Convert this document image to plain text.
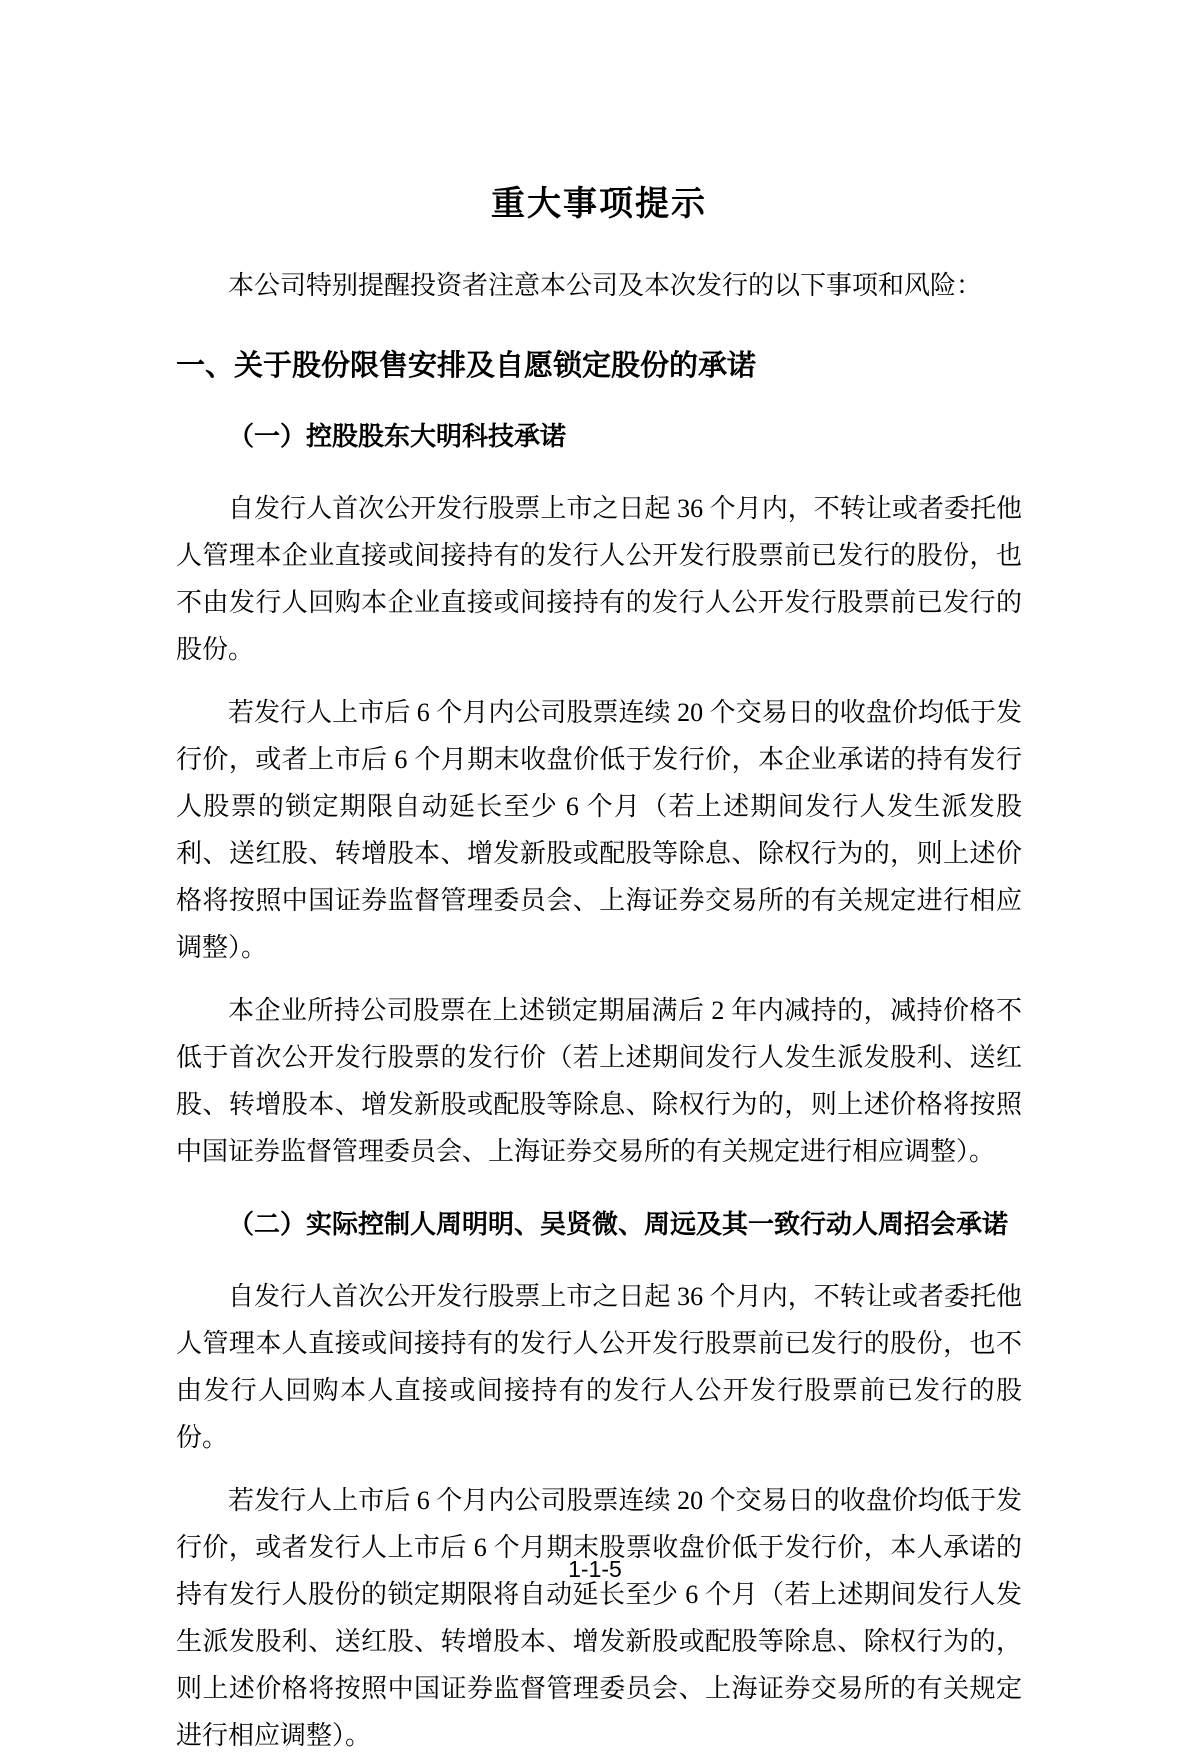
重大事项提示

本公司特别提醒投资者注意本公司及本次发行的以下事项和风险：

一、关于股份限售安排及自愿锁定股份的承诺
（一）控股股东大明科技承诺

自发行人首次公开发行股票上市之日起 36 个月内，不转让或者委托他人管理本企业直接或间接持有的发行人公开发行股票前已发行的股份，也不由发行人回购本企业直接或间接持有的发行人公开发行股票前已发行的股份。

若发行人上市后 6 个月内公司股票连续 20 个交易日的收盘价均低于发行价，或者上市后 6 个月期末收盘价低于发行价，本企业承诺的持有发行人股票的锁定期限自动延长至少 6 个月（若上述期间发行人发生派发股利、送红股、转增股本、增发新股或配股等除息、除权行为的，则上述价格将按照中国证券监督管理委员会、上海证券交易所的有关规定进行相应调整）。

本企业所持公司股票在上述锁定期届满后 2 年内减持的，减持价格不低于首次公开发行股票的发行价（若上述期间发行人发生派发股利、送红股、转增股本、增发新股或配股等除息、除权行为的，则上述价格将按照中国证券监督管理委员会、上海证券交易所的有关规定进行相应调整）。

（二）实际控制人周明明、吴贤微、周远及其一致行动人周招会承诺

自发行人首次公开发行股票上市之日起 36 个月内，不转让或者委托他人管理本人直接或间接持有的发行人公开发行股票前已发行的股份，也不由发行人回购本人直接或间接持有的发行人公开发行股票前已发行的股份。

若发行人上市后 6 个月内公司股票连续 20 个交易日的收盘价均低于发行价，或者发行人上市后 6 个月期末股票收盘价低于发行价，本人承诺的持有发行人股份的锁定期限将自动延长至少 6 个月（若上述期间发行人发生派发股利、送红股、转增股本、增发新股或配股等除息、除权行为的，则上述价格将按照中国证券监督管理委员会、上海证券交易所的有关规定进行相应调整）。

1-1-5
